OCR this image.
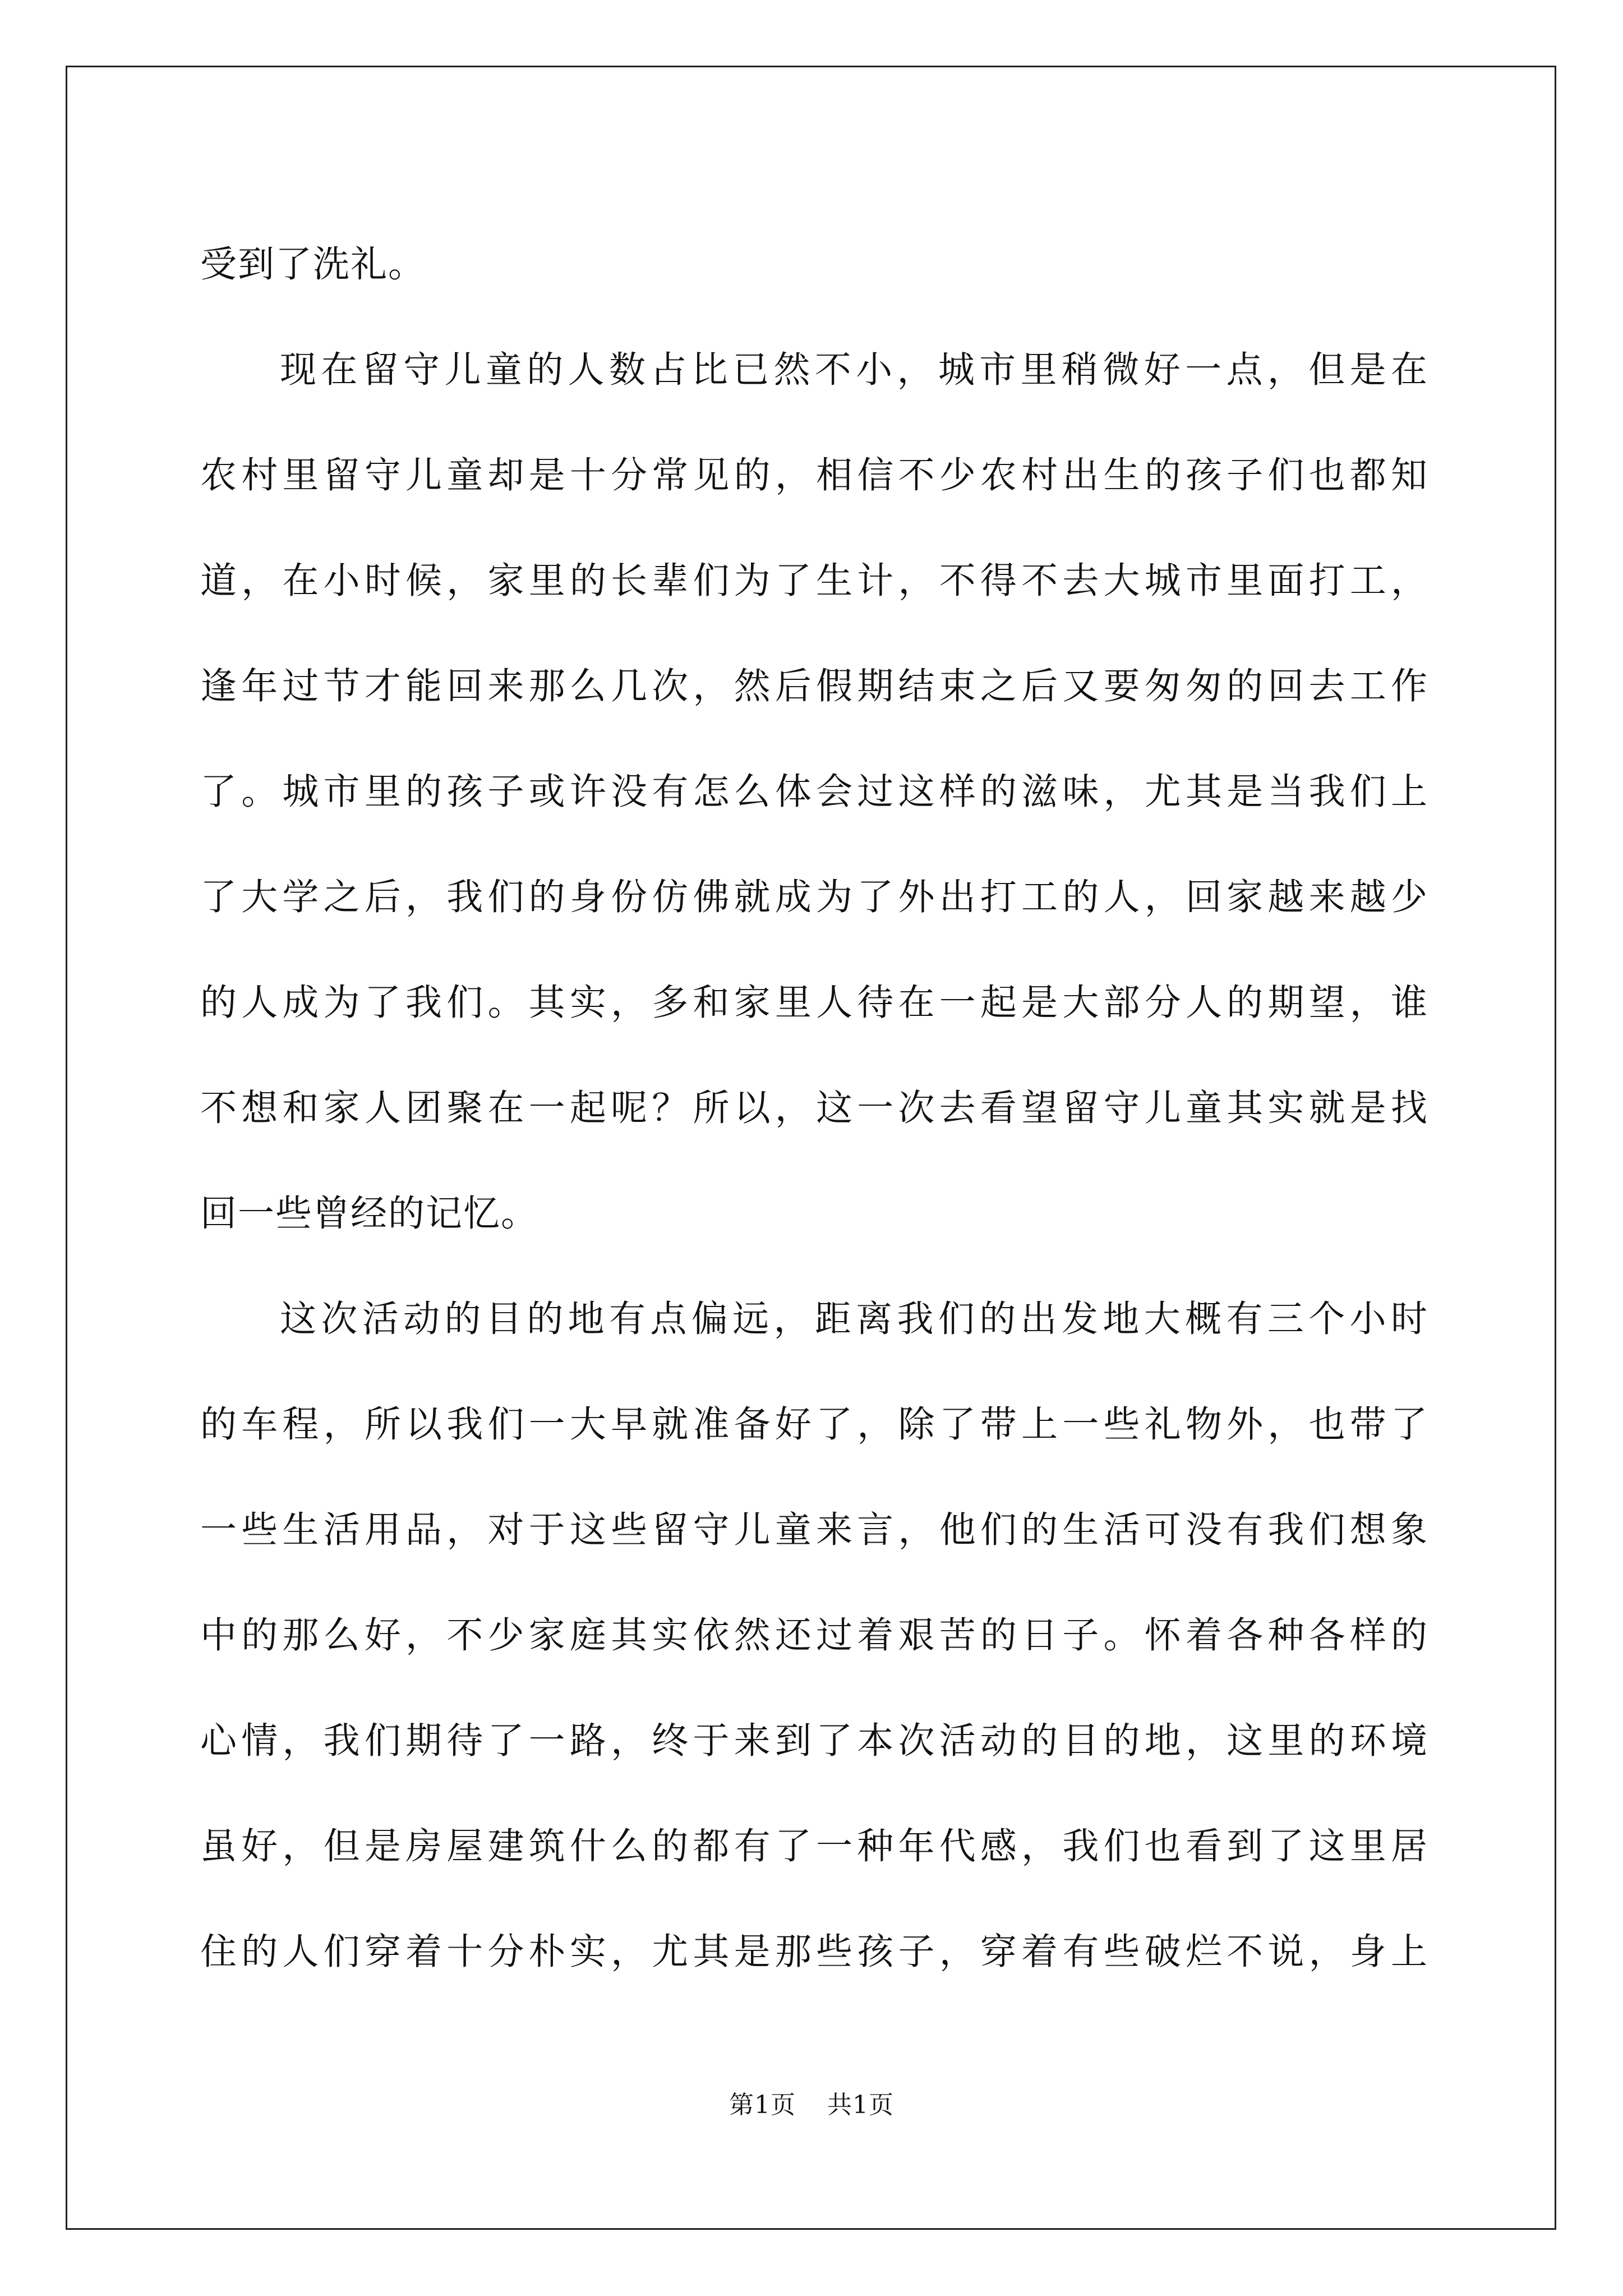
受到了洗礼。
现在留守儿童的人数占比已然不小，城市里稍微好一点，但是在
农村里留守儿童却是十分常见的，相信不少农村出生的孩子们也都知
道，在小时候，家里的长辈们为了生计，不得不去大城市里面打工，
逢年过节才能回来那么几次，然后假期结束之后又要匆匆的回去工作
了。城市里的孩子或许没有怎么体会过这样的滋味，尤其是当我们上
了大学之后，我们的身份仿佛就成为了外出打工的人，回家越来越少
的人成为了我们。其实，多和家里人待在一起是大部分人的期望，谁
不想和家人团聚在一起呢？所以，这一次去看望留守儿童其实就是找
回一些曾经的记忆。
这次活动的目的地有点偏远，距离我们的出发地大概有三个小时
的车程，所以我们一大早就准备好了，除了带上一些礼物外，也带了
一些生活用品，对于这些留守儿童来言，他们的生活可没有我们想象
中的那么好，不少家庭其实依然还过着艰苦的日子。怀着各种各样的
心情，我们期待了一路，终于来到了本次活动的目的地，这里的环境
虽好，但是房屋建筑什么的都有了一种年代感，我们也看到了这里居
住的人们穿着十分朴实，尤其是那些孩子，穿着有些破烂不说，身上
第1页 共1页
